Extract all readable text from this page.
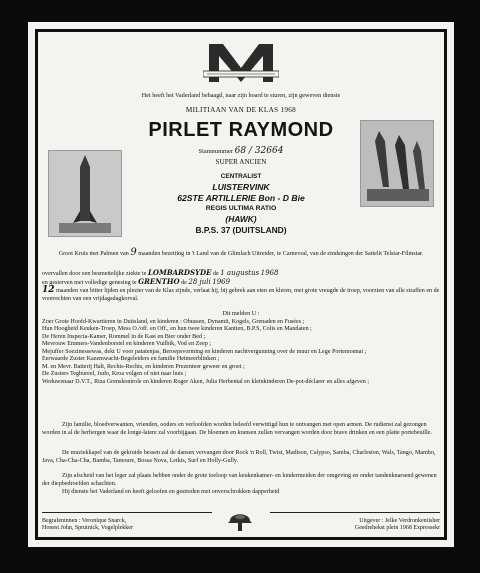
Het heeft het Vaderland behaagd, naar zijn hoard te sturen, zijn geweven diensie
MILITIAAN VAN DE KLAS 1968
PIRLET RAYMOND
Stamnummer 68 / 32664
SUPER ANCIEN
CENTRALIST
LUISTERVINK
62STE ARTILLERIE Bon - D Bie
REGIS ULTIMA RATIO
(HAWK)
B.P.S. 37 (DUITSLAND)
Groot Kruis met Palmen van 9 maanden bezetting in 't Land van de Glimlach Uitreider, te Carnevral, van de eindsingen der Sattelit Telstar-Filmstar.
overvallen door een besmettelijke ziekte te LOMBARDSYDE de 1 augustus 1968
en gesterven met volledige genesing te GRENTHO de 28 juli 1969
12 maanden van bitter lijden en plezier van de Klas zijnde, verlaat hij, bij gebrek aan eten en kleren, met grote vreugde de troep, voorzien van alle straffen en de voorrechten van een vrijdagsdagkorval.
Dit melden U :
Zoer Grote Hoofd-Kwartieren in Duitsland, en kinderen : Obussen, Dynamit, Kogels, Grenaden en Fusées ;
Hun Hoogheid Keuken-Troep, Mess O./off. en Off., en hun twee kinderen Kantien, B.P.S, Colis en Mandaten ;
De Heren Inspecta-Kamer, Rommel in de Kast en Bier onder Bed ;
Mevrouw Emmers-Vandenborstel en kinderen Vuilbik, Vod en Zeep ;
Mejuffer Soezinessewas, dekt U voor patatenjas, Beroepsvorming en kinderen nachtvergunning over de muur en Lege Portemonnai ;
Eerwaarde Zuster Kazemwacht-Begeleiders en familie Hetmeerblinken ;
M. en Mevr. Batterij Halt, Rechts-Rechts, en kinderen Prezenteer geweer en groet ;
De Zusters Tegbureel, Judo, Kroa volgen of niet naar huis ;
Weduwenaar D.V.T., Riza Grenskontrole en kinderen Roger Aken, Julia Herbental en kleinkinderen De-pot-déclarer en alles afgeven ;
Zijn familie, bloedverwanten, vrienden, ooders en verloofden worden beleefd verwittigd hun te ontvangen met open armen. De rudienst zal gezongen worden in al de herbergen waar de longe-latere zal voorbijgaan. De bloemen en kransen zullen vervangen worden door brave drinken en een platte portebeuille.
De muziekkapel van de gekruide bessen zal de dansen vervangen door Rock 'n Roll, Twist, Madison, Calypso, Samba, Charleston, Wals, Tango, Mambo, Java, Cha-Cha-Cha, Bamba, Tamoure, Bossa Nova, Letkis, Surf en Holly-Gully.
Zijn afscheid van het leger zal plaats hebben onder de grote toeloop van keukenkamer- en kindermeiden der omgeving en onder tandenknarsend gewenen der diepbedroefden schachten.
Hij dienste het Vaderland en heeft geloofen en gestreden met onverschrokken dapperheid
Begrafeninnen : Veronique Snarck,
Honest John, Sprutnick, Vogelplekker
Uitgever : Jelke Verdronkeniisher
Geedrehekst plein 1968 Expressekr
